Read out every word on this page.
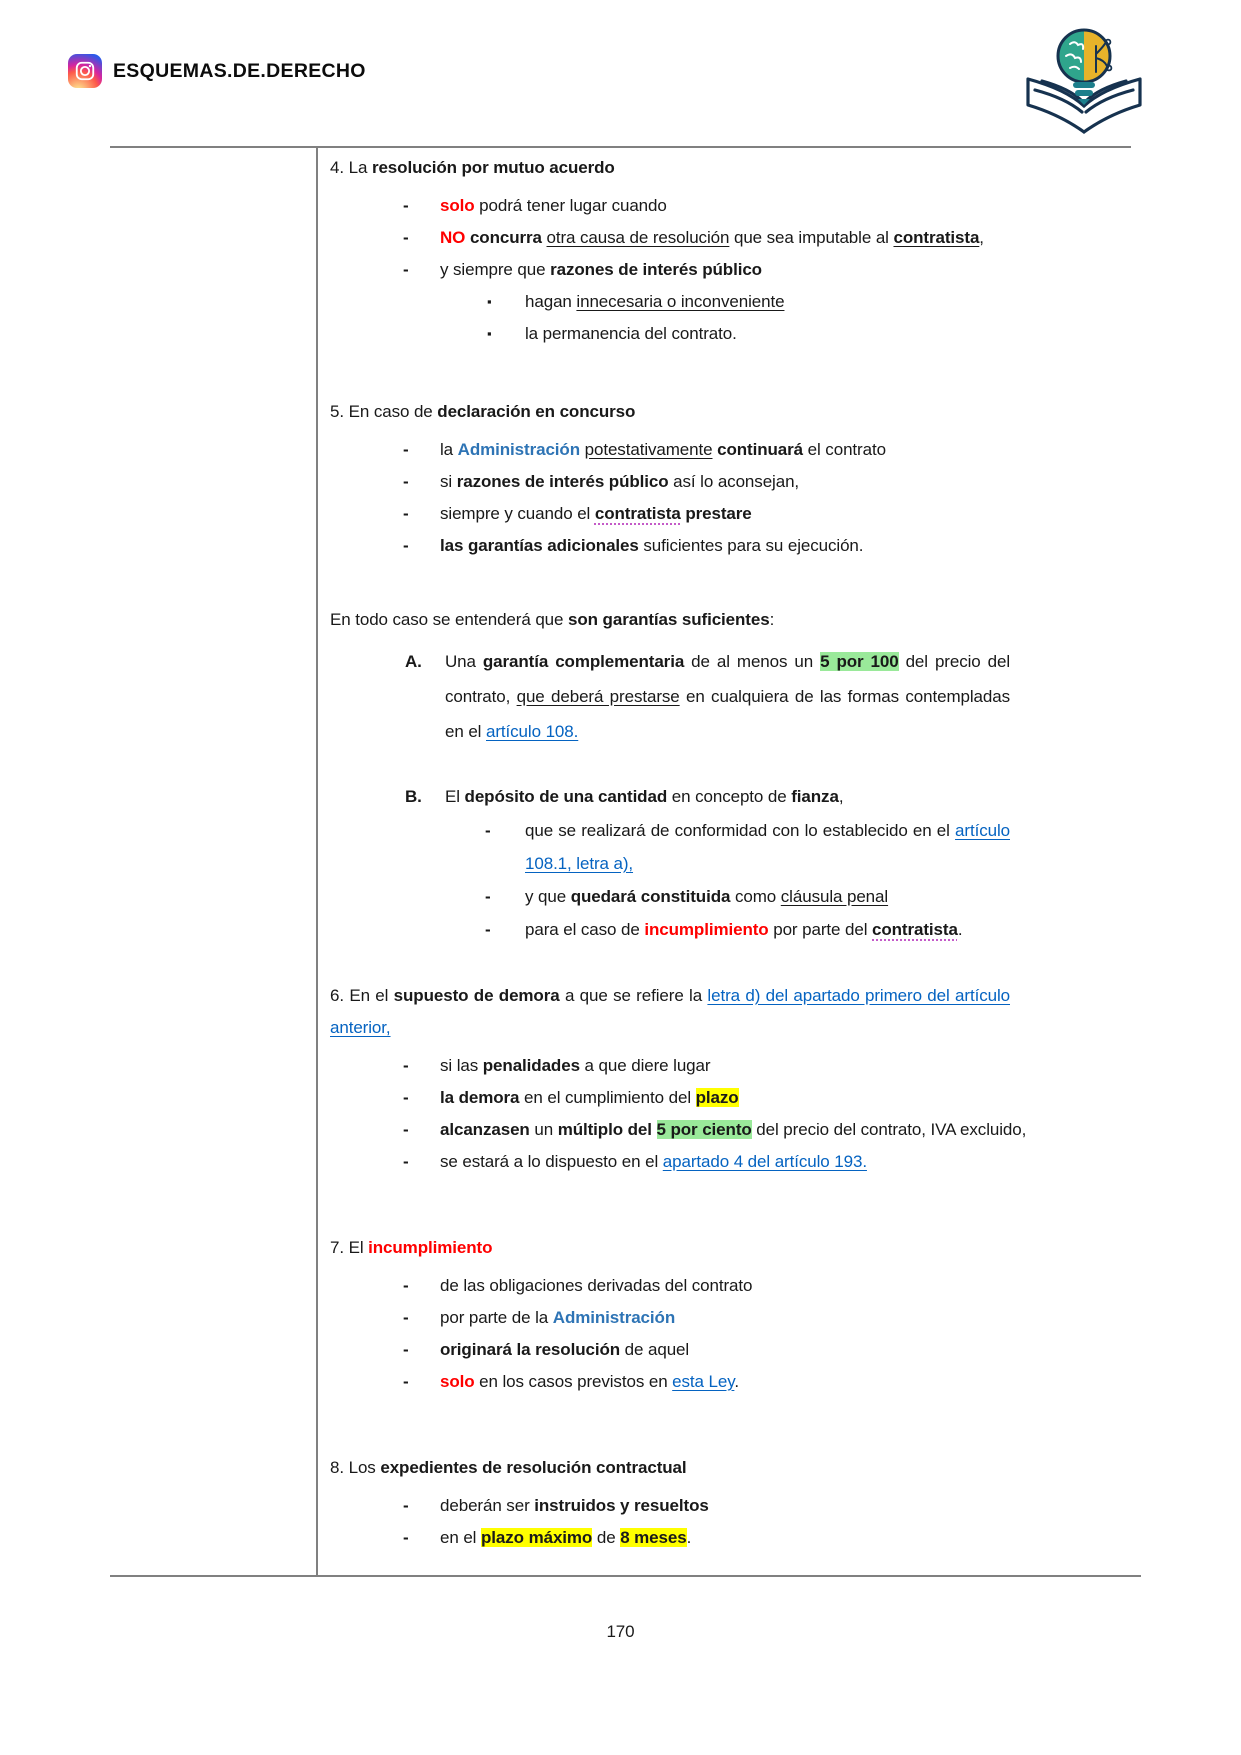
ESQUEMAS.DE.DERECHO
4. La resolución por mutuo acuerdo
- solo podrá tener lugar cuando
- NO concurra otra causa de resolución que sea imputable al contratista,
- y siempre que razones de interés público
▪ hagan innecesaria o inconveniente
▪ la permanencia del contrato.
5. En caso de declaración en concurso
- la Administración potestativamente continuará el contrato
- si razones de interés público así lo aconsejan,
- siempre y cuando el contratista prestare
- las garantías adicionales suficientes para su ejecución.
En todo caso se entenderá que son garantías suficientes:
A. Una garantía complementaria de al menos un 5 por 100 del precio del contrato, que deberá prestarse en cualquiera de las formas contempladas en el artículo 108.
B. El depósito de una cantidad en concepto de fianza,
- que se realizará de conformidad con lo establecido en el artículo 108.1, letra a),
- y que quedará constituida como cláusula penal
- para el caso de incumplimiento por parte del contratista.
6. En el supuesto de demora a que se refiere la letra d) del apartado primero del artículo anterior,
- si las penalidades a que diere lugar
- la demora en el cumplimiento del plazo
- alcanzasen un múltiplo del 5 por ciento del precio del contrato, IVA excluido,
- se estará a lo dispuesto en el apartado 4 del artículo 193.
7. El incumplimiento
- de las obligaciones derivadas del contrato
- por parte de la Administración
- originará la resolución de aquel
- solo en los casos previstos en esta Ley.
8. Los expedientes de resolución contractual
- deberán ser instruidos y resueltos
- en el plazo máximo de 8 meses.
170
